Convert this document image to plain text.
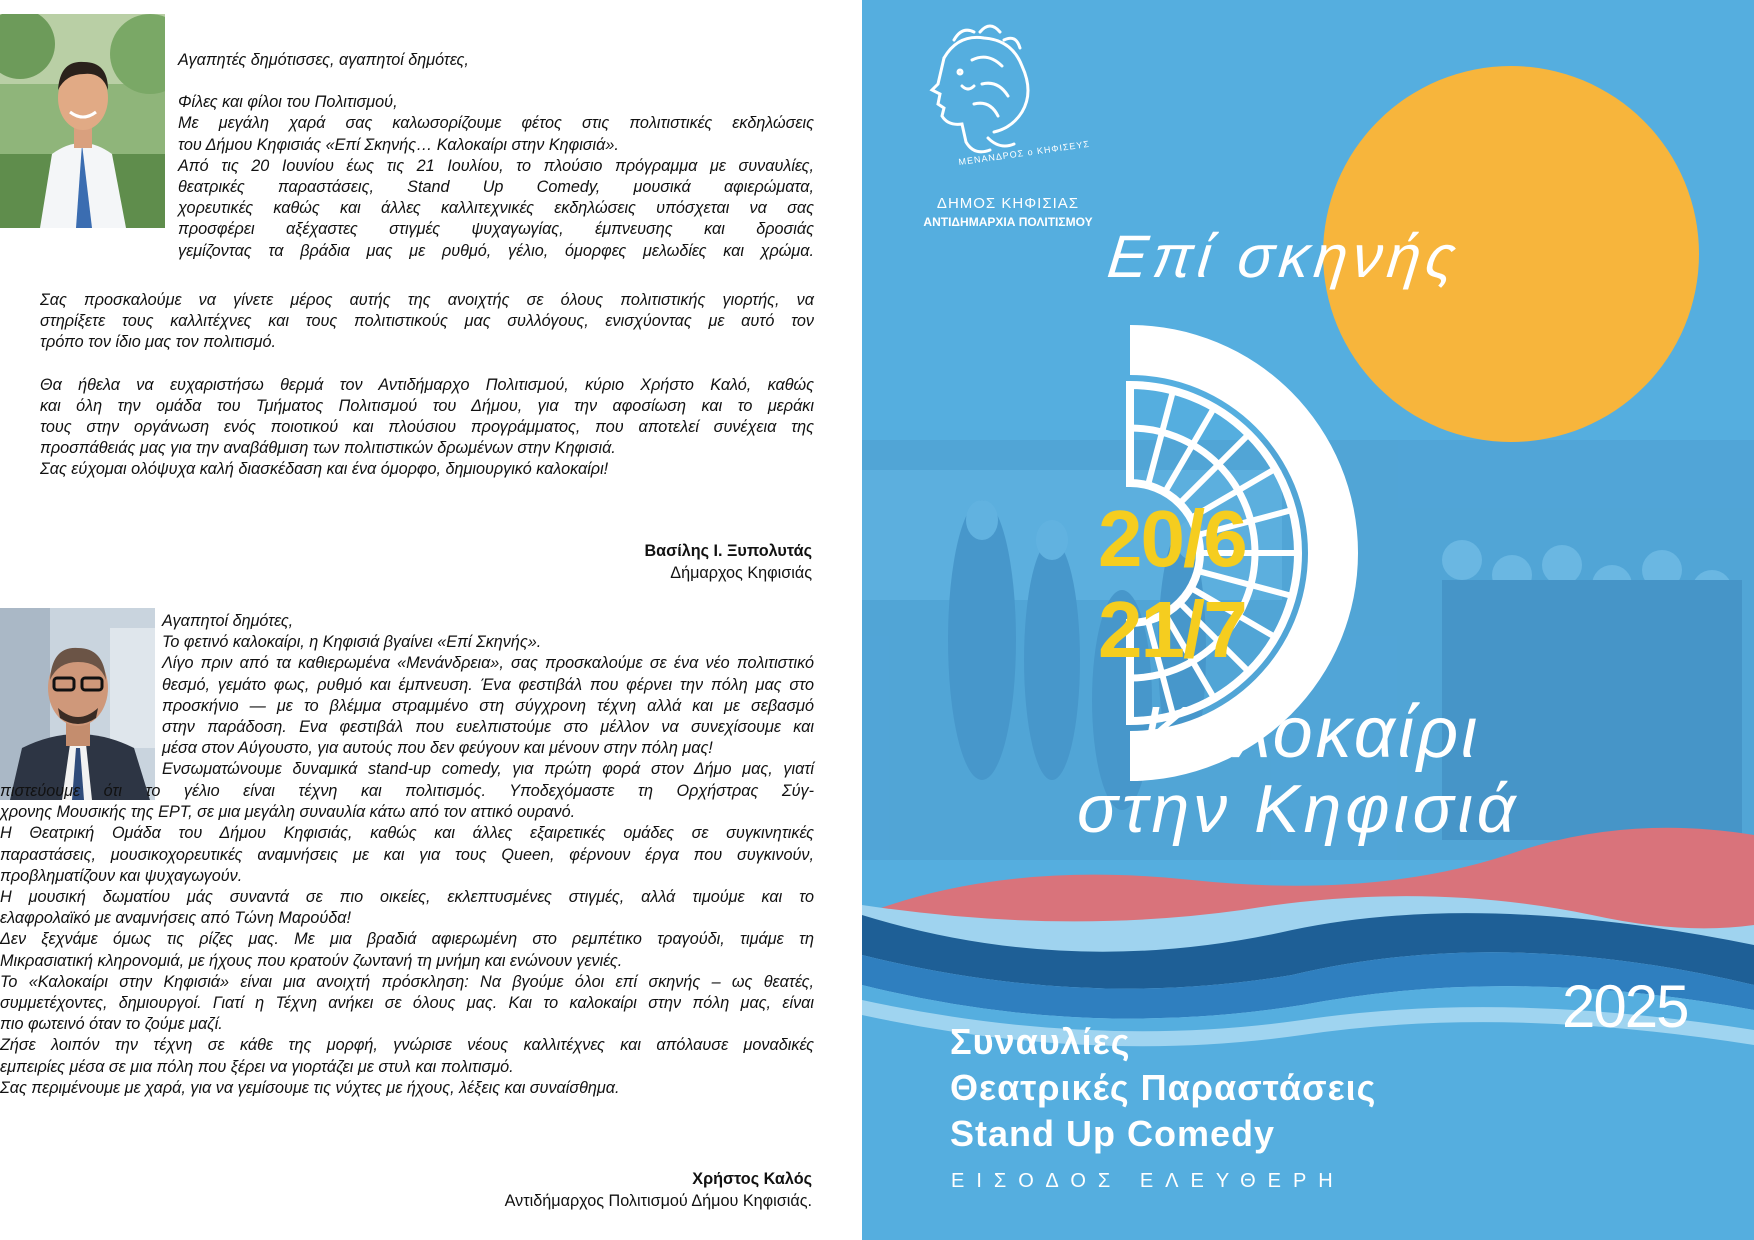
Αγαπητές δημότισσες, αγαπητοί δημότες,
Φίλες και φίλοι του Πολιτισμού,
Με μεγάλη χαρά σας καλωσορίζουμε φέτος στις πολιτιστικές εκδηλώσεις
του Δήμου Κηφισιάς «Επί Σκηνής… Καλοκαίρι στην Κηφισιά».
Από τις 20 Ιουνίου έως τις 21 Ιουλίου, το πλούσιο πρόγραμμα με συναυλίες,
θεατρικές παραστάσεις, Stand Up Comedy, μουσικά αφιερώματα,
χορευτικές καθώς και άλλες καλλιτεχνικές εκδηλώσεις υπόσχεται να σας
προσφέρει αξέχαστες στιγμές ψυχαγωγίας, έμπνευσης και δροσιάς
γεμίζοντας τα βράδια μας με ρυθμό, γέλιο, όμορφες μελωδίες και χρώμα.

Σας προσκαλούμε να γίνετε μέρος αυτής της ανοιχτής σε όλους πολιτιστικής γιορτής, να
στηρίξετε τους καλλιτέχνες και τους πολιτιστικούς μας συλλόγους, ενισχύοντας με αυτό τον
τρόπο τον ίδιο μας τον πολιτισμό.
Θα ήθελα να ευχαριστήσω θερμά τον Αντιδήμαρχο Πολιτισμού, κύριο Χρήστο Καλό, καθώς
και όλη την ομάδα του Τμήματος Πολιτισμού του Δήμου, για την αφοσίωση και το μεράκι
τους στην οργάνωση ενός ποιοτικού και πλούσιου προγράμματος, που αποτελεί συνέχεια της
προσπάθειάς μας για την αναβάθμιση των πολιτιστικών δρωμένων στην Κηφισιά.
Σας εύχομαι ολόψυχα καλή διασκέδαση και ένα όμορφο, δημιουργικό καλοκαίρι!

Βασίλης Ι. Ξυπολυτάς
Δήμαρχος Κηφισιάς

Αγαπητοί δημότες,
Το φετινό καλοκαίρι, η Κηφισιά βγαίνει «Επί Σκηνής».
Λίγο πριν από τα καθιερωμένα «Μενάνδρεια», σας προσκαλούμε σε ένα νέο πολιτιστικό
θεσμό, γεμάτο φως, ρυθμό και έμπνευση. Ένα φεστιβάλ που φέρνει την πόλη μας στο
προσκήνιο — με το βλέμμα στραμμένο στη σύγχρονη τέχνη αλλά και με σεβασμό
στην παράδοση. Ενα φεστιβάλ που ευελπιστούμε στο μέλλον να συνεχίσουμε και
μέσα στον Αύγουστο, για αυτούς που δεν φεύγουν και μένουν στην πόλη μας!
Ενσωματώνουμε δυναμικά stand-up comedy, για πρώτη φορά στον Δήμο μας, γιατί

πιστεύουμε ότι το γέλιο είναι τέχνη και πολιτισμός. Υποδεχόμαστε τη Ορχήστρας Σύγ-
χρονης Μουσικής της ΕΡΤ, σε μια μεγάλη συναυλία κάτω από τον αττικό ουρανό.
Η Θεατρική Ομάδα του Δήμου Κηφισιάς, καθώς και άλλες εξαιρετικές ομάδες σε συγκινητικές
παραστάσεις, μουσικοχορευτικές αναμνήσεις με και για τους Queen, φέρνουν έργα που συγκινούν,
προβληματίζουν και ψυχαγωγούν.
Η μουσική δωματίου μάς συναντά σε πιο οικείες, εκλεπτυσμένες στιγμές, αλλά τιμούμε και το
ελαφρολαϊκό με αναμνήσεις από Τώνη Μαρούδα!
Δεν ξεχνάμε όμως τις ρίζες μας. Με μια βραδιά αφιερωμένη στο ρεμπέτικο τραγούδι, τιμάμε τη
Μικρασιατική κληρονομιά, με ήχους που κρατούν ζωντανή τη μνήμη και ενώνουν γενιές.
Το «Καλοκαίρι στην Κηφισιά» είναι μια ανοιχτή πρόσκληση: Να βγούμε όλοι επί σκηνής – ως θεατές,
συμμετέχοντες, δημιουργοί. Γιατί η Τέχνη ανήκει σε όλους μας. Και το καλοκαίρι στην πόλη μας, είναι
πιο φωτεινό όταν το ζούμε μαζί.
Ζήσε λοιπόν την τέχνη σε κάθε της μορφή, γνώρισε νέους καλλιτέχνες και απόλαυσε μοναδικές
εμπειρίες μέσα σε μια πόλη που ξέρει να γιορτάζει με στυλ και πολιτισμό.
Σας περιμένουμε με χαρά, για να γεμίσουμε τις νύχτες με ήχους, λέξεις και συναίσθημα.

Χρήστος Καλός
Αντιδήμαρχος Πολιτισμού Δήμου Κηφισιάς.
ΜΕΝΑΝΔΡΟΣ ο ΚΗΦΙΣΕΥΣ
ΔΗΜΟΣ ΚΗΦΙΣΙΑΣ
ΑΝΤΙΔΗΜΑΡΧΙΑ ΠΟΛΙΤΙΣΜΟΥ
Επί σκηνής
20/6
21/7
Καλοκαίρι
στην Κηφισιά
2025
Συναυλίες
Θεατρικές Παραστάσεις
Stand Up Comedy
ΕΙΣΟΔΟΣ ΕΛΕΥΘΕΡΗ
